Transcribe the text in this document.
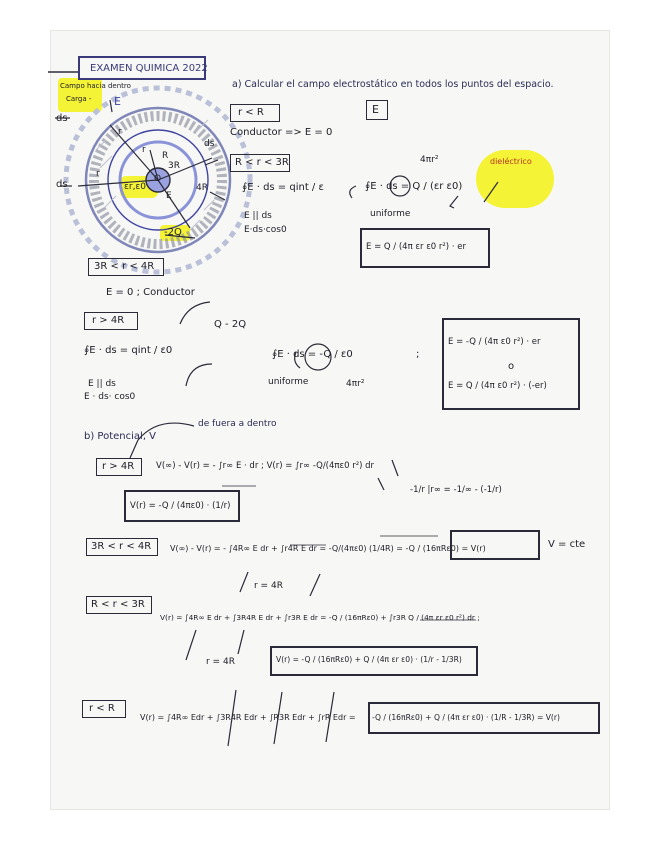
EXAMEN QUIMICA 2022
Campo hacia dentro
Carga - E
ds
ds
r
r
r
R
3R
Q
ds
4R
εr,ε0
E
-2Q
a) Calcular el campo electrostático en todos los puntos del espacio.
r < R	E
Conductor => E = 0
R < r < 3R
∮E · ds = qint / ε
E || ds
E·ds·cos0
∮E · ds = Q / (εr ε0)
4πr²
uniforme
dieléctrico
E = Q / (4π εr ε0 r²) · er
3R < r < 4R
E = 0 ; Conductor
r > 4R	Q - 2Q
∮E · ds = qint / ε0
E || ds
E · ds· cos0
∮E · ds = -Q / ε0
uniforme	4πr²
;
E = -Q / (4π ε0 r²) · er
o
E = Q / (4π ε0 r²) · (-er)
b) Potencial, V
de fuera a dentro
r > 4R	V(∞) - V(r) = - ∫r∞ E · dr ; V(r) = ∫r∞ -Q/(4πε0 r²) dr
-1/r |r∞ = -1/∞ - (-1/r)
V(r) = -Q / (4πε0) · (1/r)
3R < r < 4R V(∞) - V(r) = - ∫4R∞ E dr + ∫r4R E dr = -Q/(4πε0) (1/4R) = -Q / (16πRε0) = V(r)
r = 4R
V = cte
R < r < 3R
V(r) = ∫4R∞ E dr + ∫3R4R E dr + ∫r3R E dr = -Q / (16πRε0) + ∫r3R Q / (4π εr ε0 r²) dr ;
r = 4R	V(r) = -Q / (16πRε0) + Q / (4π εr ε0) · (1/r - 1/3R)
r < R
V(r) = ∫4R∞ Edr + ∫3R4R Edr + ∫R3R Edr + ∫rR Edr = -Q / (16πRε0) + Q / (4π εr ε0) · (1/R - 1/3R) = V(r)
